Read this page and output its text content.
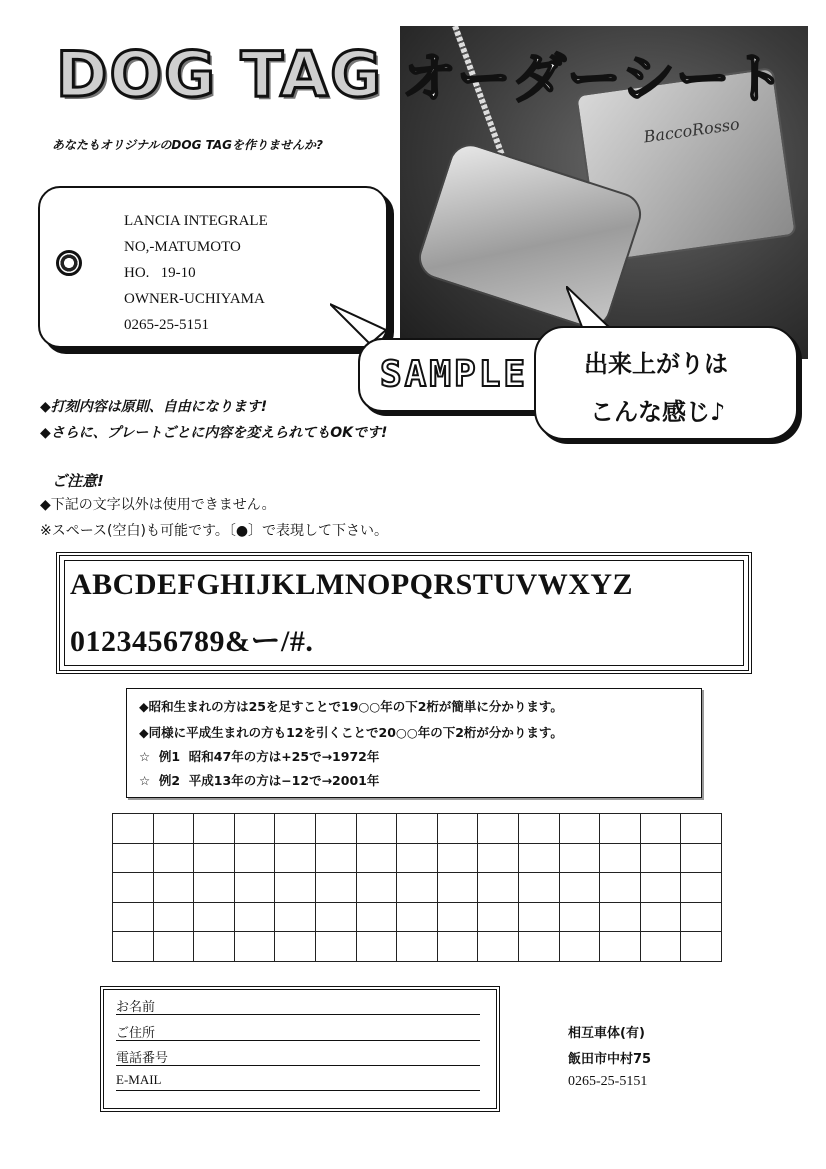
DOG TAG
BaccoRosso
オーダーシート
あなたもオリジナルのDOG TAGを作りませんか?
LANCIA INTEGRALE
NO,-MATUMOTO
HO.   19-10
OWNER-UCHIYAMA
0265-25-5151
SAMPLE 出来上がりは
こんな感じ♪
◆打刻内容は原則、自由になります!
◆さらに、プレートごとに内容を変えられてもOKです!
ご注意!
◆下記の文字以外は使用できません。
※スペース(空白)も可能です。〔●〕で表現して下さい。
ABCDEFGHIJKLMNOPQRSTUVWXYZ
0123456789&ー/#.
◆昭和生まれの方は25を足すことで19○○年の下2桁が簡単に分かります。
◆同様に平成生まれの方も12を引くことで20○○年の下2桁が分かります。
☆  例1  昭和47年の方は+25で→1972年
☆  例2  平成13年の方は−12で→2001年

お名前
ご住所
電話番号
E-MAIL
相互車体(有)
飯田市中村75
0265-25-5151
